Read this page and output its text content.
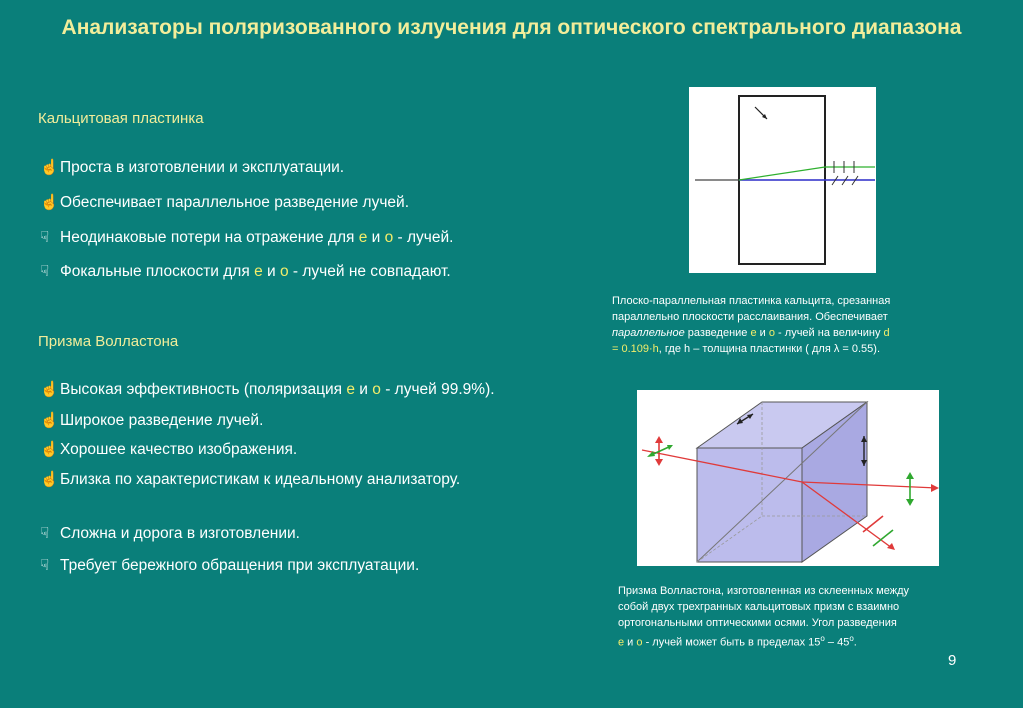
Анализаторы поляризованного излучения для оптического спектрального диапазона
Кальцитовая пластинка
☝Проста в изготовлении и эксплуатации.
☝Обеспечивает параллельное разведение лучей.
☟ Неодинаковые потери на отражение для е и о - лучей.
☟ Фокальные плоскости для е и о - лучей не совпадают.
Призма Волластона
☝Высокая эффективность (поляризация е и о - лучей 99.9%).
☝Широкое разведение лучей.
☝Хорошее качество изображения.
☝Близка по характеристикам к идеальному анализатору.
☟ Сложна и дорога в изготовлении.
☟ Требует бережного обращения при эксплуатации.
Плоско-параллельная пластинка кальцита, срезанная
параллельно плоскости расслаивания. Обеспечивает
параллельное разведение е и о - лучей на величину d
= 0.109·h, где h – толщина пластинки ( для λ = 0.55).
Призма Волластона, изготовленная из склеенных между
собой двух трехгранных кальцитовых призм с взаимно
ортогональными оптическими осями. Угол разведения
е и о - лучей может быть в пределах 15$^o$ – 45$^o$.
9
